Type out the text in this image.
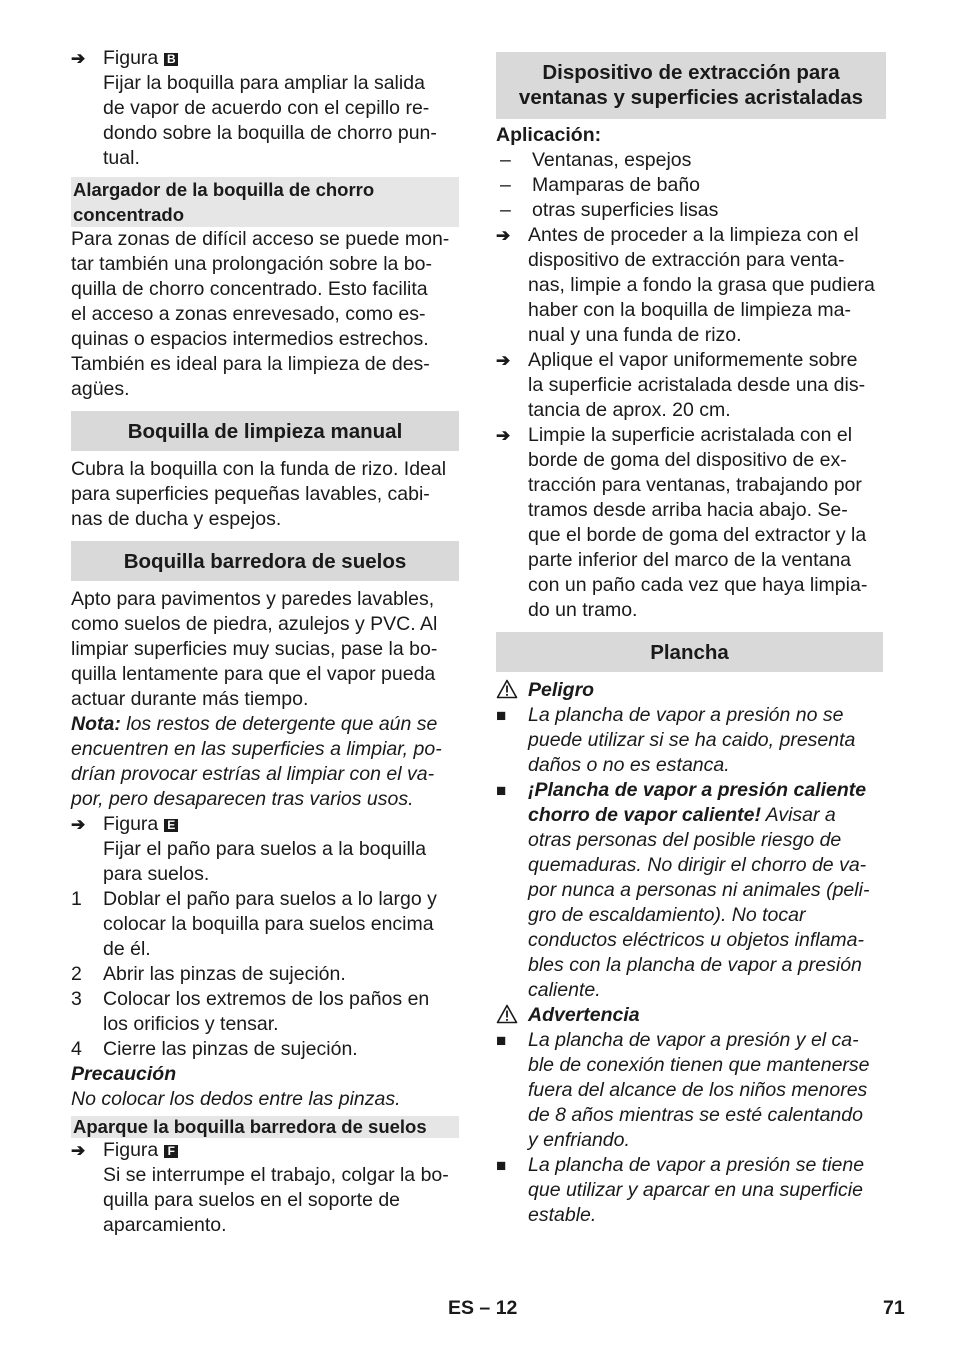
➔ Figura B

Fijar la boquilla para ampliar la salida

de vapor de acuerdo con el cepillo re-

dondo sobre la boquilla de chorro pun-

tual.

Alargador de la boquilla de chorro

concentrado

Para zonas de difícil acceso se puede mon-

tar también una prolongación sobre la bo-

quilla de chorro concentrado. Esto facilita

el acceso a zonas enrevesado, como es-

quinas o espacios intermedios estrechos.

También es ideal para la limpieza de des-

agües.

Boquilla de limpieza manual

Cubra la boquilla con la funda de rizo. Ideal

para superficies pequeñas lavables, cabi-

nas de ducha y espejos.

Boquilla barredora de suelos

Apto para pavimentos y paredes lavables,

como suelos de piedra, azulejos y PVC. Al

limpiar superficies muy sucias, pase la bo-

quilla lentamente para que el vapor pueda

actuar durante más tiempo.

Nota: los restos de detergente que aún se

encuentren en las superficies a limpiar, po-

drían provocar estrías al limpiar con el va-

por, pero desaparecen tras varios usos.

➔ Figura E

Fijar el paño para suelos a la boquilla

para suelos.

1	Doblar el paño para suelos a lo largo y

colocar la boquilla para suelos encima

de él.

2	Abrir las pinzas de sujeción.

3	Colocar los extremos de los paños en

los orificios y tensar.

4	Cierre las pinzas de sujeción.

Precaución

No colocar los dedos entre las pinzas.

Aparque la boquilla barredora de suelos
➔ Figura F

Si se interrumpe el trabajo, colgar la bo-

quilla para suelos en el soporte de

aparcamiento.

Dispositivo de extracción para

ventanas y superficies acristaladas

Aplicación:

–	Ventanas, espejos
–	Mamparas de baño
–	otras superficies lisas
➔ Antes de proceder a la limpieza con el

dispositivo de extracción para venta-

nas, limpie a fondo la grasa que pudiera

haber con la boquilla de limpieza ma-

nual y una funda de rizo.

➔ Aplique el vapor uniformemente sobre

la superficie acristalada desde una dis-

tancia de aprox. 20 cm.

➔ Limpie la superficie acristalada con el

borde de goma del dispositivo de ex-

tracción para ventanas, trabajando por

tramos desde arriba hacia abajo. Se-

que el borde de goma del extractor y la

parte inferior del marco de la ventana

con un paño cada vez que haya limpia-

do un tramo.

Plancha
Peligro
■	La plancha de vapor a presión no se

puede utilizar si se ha caido, presenta

daños o no es estanca.

■	¡Plancha de vapor a presión caliente

chorro de vapor caliente! Avisar a

otras personas del posible riesgo de

quemaduras. No dirigir el chorro de va-

por nunca a personas ni animales (peli-

gro de escaldamiento). No tocar

conductos eléctricos u objetos inflama-

bles con la plancha de vapor a presión

caliente.

Advertencia
■	La plancha de vapor a presión y el ca-

ble de conexión tienen que mantenerse

fuera del alcance de los niños menores

de 8 años mientras se esté calentando

y enfriando.

■	La plancha de vapor a presión se tiene

que utilizar y aparcar en una superficie

estable.

ES – 12	71
